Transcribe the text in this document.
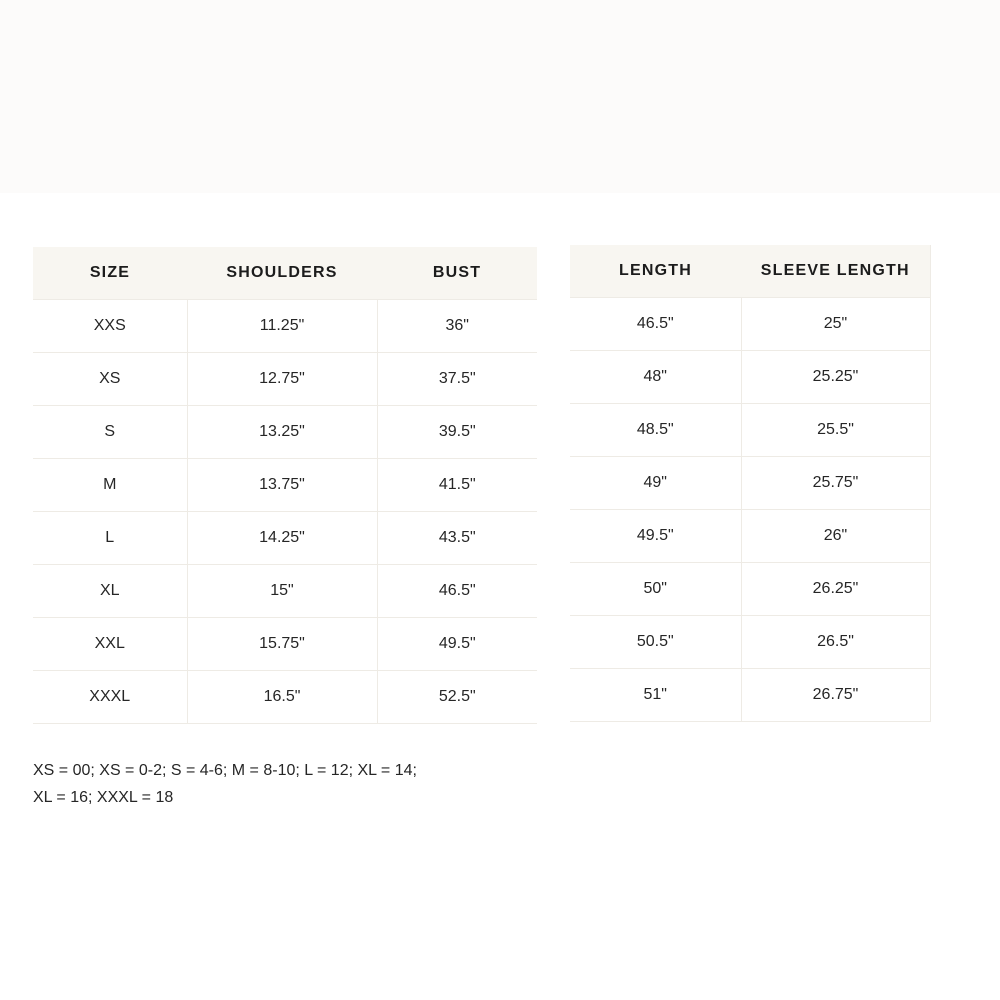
SIZE	SHOULDERS	BUST
XXS	11.25"	36"
XS	12.75"	37.5"
S	13.25"	39.5"
M	13.75"	41.5"
L	14.25"	43.5"
XL	15"	46.5"
XXL	15.75"	49.5"
XXXL	16.5"	52.5"
LENGTH	SLEEVE LENGTH
46.5"	25"
48"	25.25"
48.5"	25.5"
49"	25.75"
49.5"	26"
50"	26.25"
50.5"	26.5"
51"	26.75"
XS = 00; XS = 0-2; S = 4-6; M = 8-10; L = 12; XL = 14;
XL = 16; XXXL = 18
